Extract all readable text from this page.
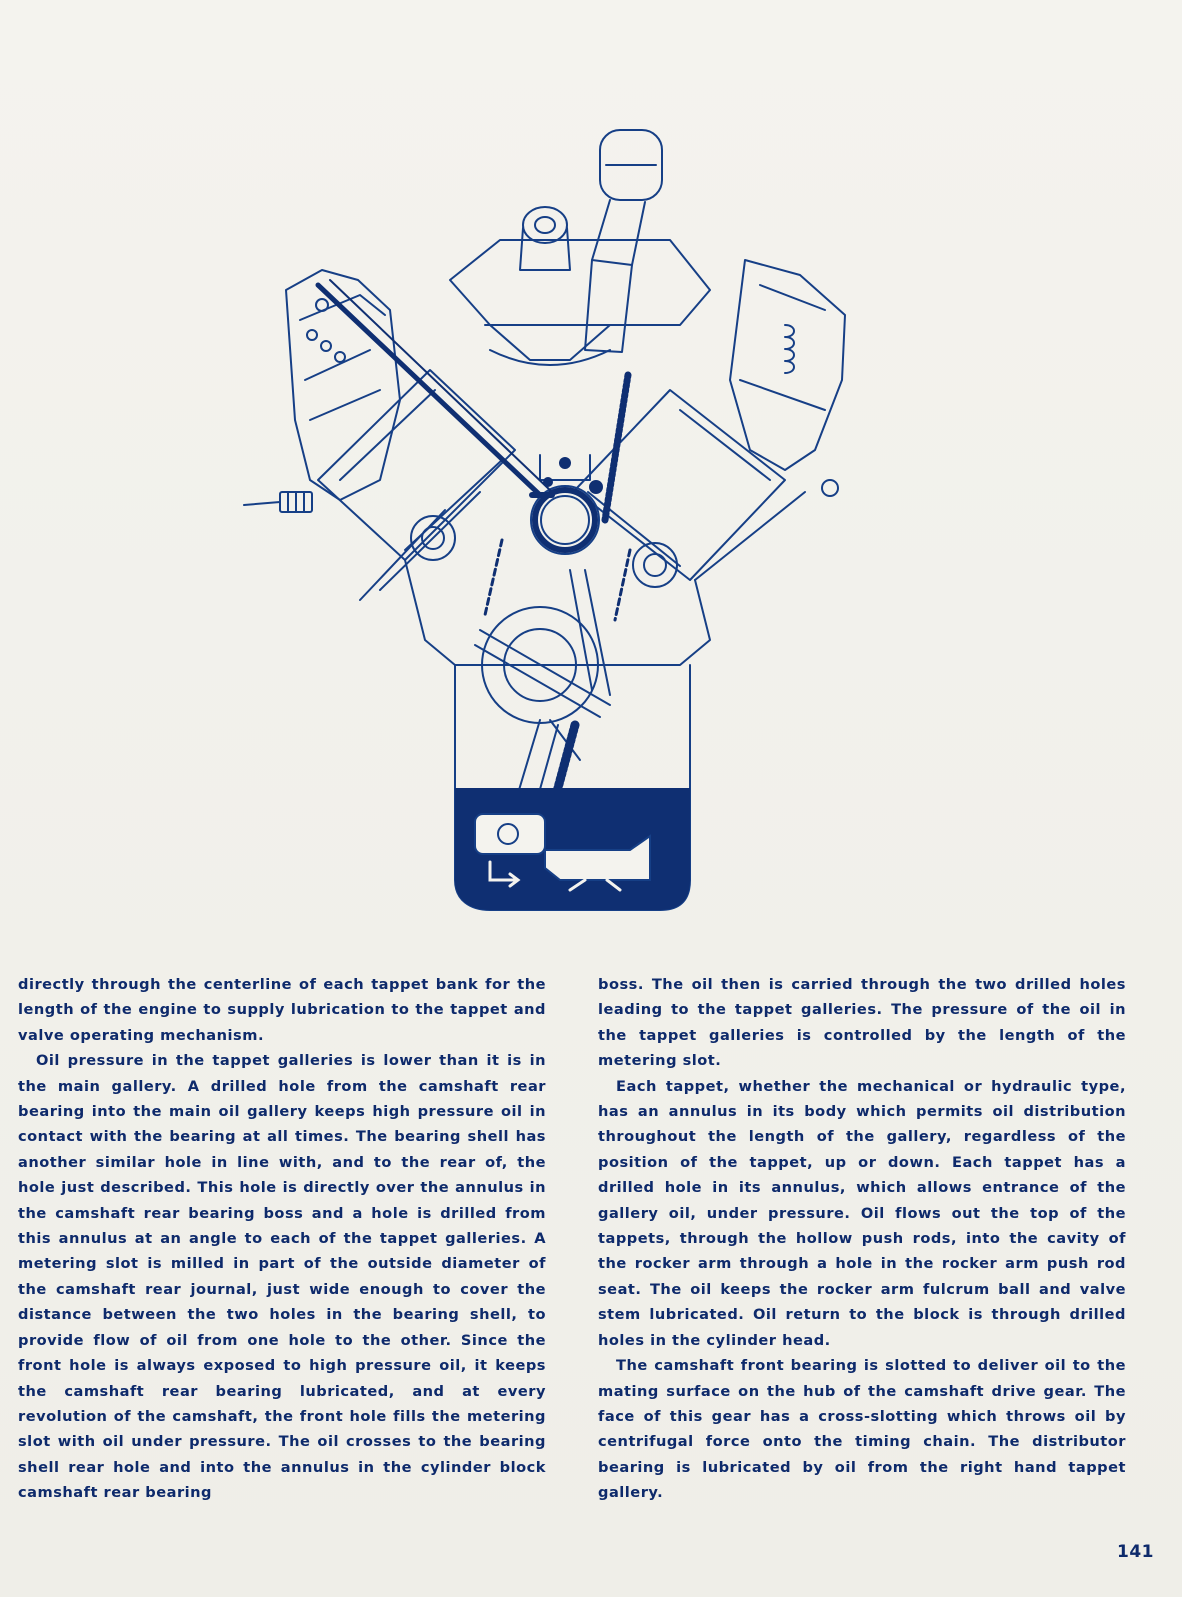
directly through the centerline of each tappet bank for the length of the engine to supply lubrication to the tappet and valve operating mechanism.

Oil pressure in the tappet galleries is lower than it is in the main gallery. A drilled hole from the camshaft rear bearing into the main oil gallery keeps high pressure oil in contact with the bearing at all times. The bearing shell has another similar hole in line with, and to the rear of, the hole just described. This hole is directly over the annulus in the camshaft rear bearing boss and a hole is drilled from this annulus at an angle to each of the tappet galleries. A metering slot is milled in part of the outside diameter of the camshaft rear journal, just wide enough to cover the distance between the two holes in the bearing shell, to provide flow of oil from one hole to the other. Since the front hole is always exposed to high pressure oil, it keeps the camshaft rear bearing lubricated, and at every revolution of the camshaft, the front hole fills the metering slot with oil under pressure. The oil crosses to the bearing shell rear hole and into the annulus in the cylinder block camshaft rear bearing

boss. The oil then is carried through the two drilled holes leading to the tappet galleries. The pressure of the oil in the tappet galleries is controlled by the length of the metering slot.

Each tappet, whether the mechanical or hydraulic type, has an annulus in its body which permits oil distribution throughout the length of the gallery, regardless of the position of the tappet, up or down. Each tappet has a drilled hole in its annulus, which allows entrance of the gallery oil, under pressure. Oil flows out the top of the tappets, through the hollow push rods, into the cavity of the rocker arm through a hole in the rocker arm push rod seat. The oil keeps the rocker arm fulcrum ball and valve stem lubricated. Oil return to the block is through drilled holes in the cylinder head.

The camshaft front bearing is slotted to deliver oil to the mating surface on the hub of the camshaft drive gear. The face of this gear has a cross-slotting which throws oil by centrifugal force onto the timing chain. The distributor bearing is lubricated by oil from the right hand tappet gallery.

141
